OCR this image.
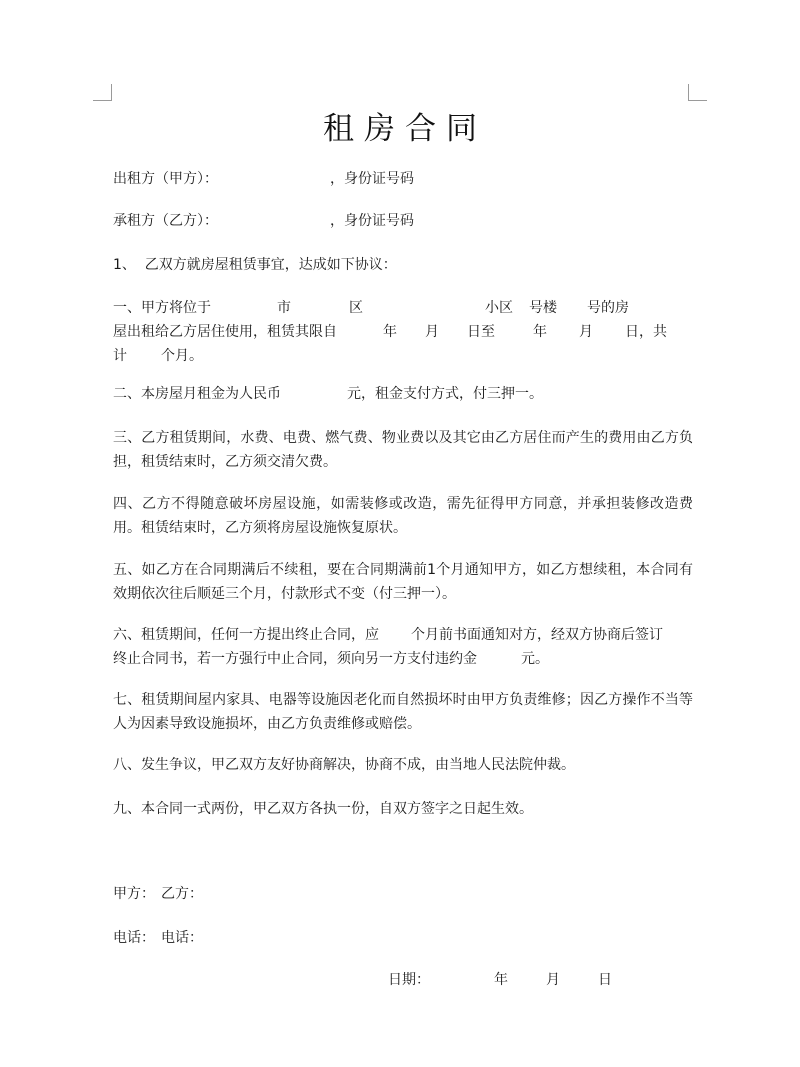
租房合同
出租方（甲方）：	，身份证号码
承租方（乙方）：	，身份证号码
1、  乙双方就房屋租赁事宜，达成如下协议：
一、甲方将位于	市	区	小区 号楼 号的房
屋出租给乙方居住使用，租赁其限自	年 月 日至	年 月 日，共
计 个月。
二、本房屋月租金为人民币	元，租金支付方式，付三押一。
三、乙方租赁期间，水费、电费、燃气费、物业费以及其它由乙方居住而产生的费用由乙方负担，租赁结束时，乙方须交清欠费。
四、乙方不得随意破坏房屋设施，如需装修或改造，需先征得甲方同意，并承担装修改造费用。租赁结束时，乙方须将房屋设施恢复原状。
五、如乙方在合同期满后不续租，要在合同期满前1个月通知甲方，如乙方想续租，本合同有效期依次往后顺延三个月，付款形式不变（付三押一）。
六、租赁期间，任何一方提出终止合同，应 个月前书面通知对方，经双方协商后签订
终止合同书，若一方强行中止合同，须向另一方支付违约金	元。
七、租赁期间屋内家具、电器等设施因老化而自然损坏时由甲方负责维修；因乙方操作不当等人为因素导致设施损坏，由乙方负责维修或赔偿。
八、发生争议，甲乙双方友好协商解决，协商不成，由当地人民法院仲裁。
九、本合同一式两份，甲乙双方各执一份，自双方签字之日起生效。
甲方： 乙方：
电话： 电话：
日期：	年	月	日
